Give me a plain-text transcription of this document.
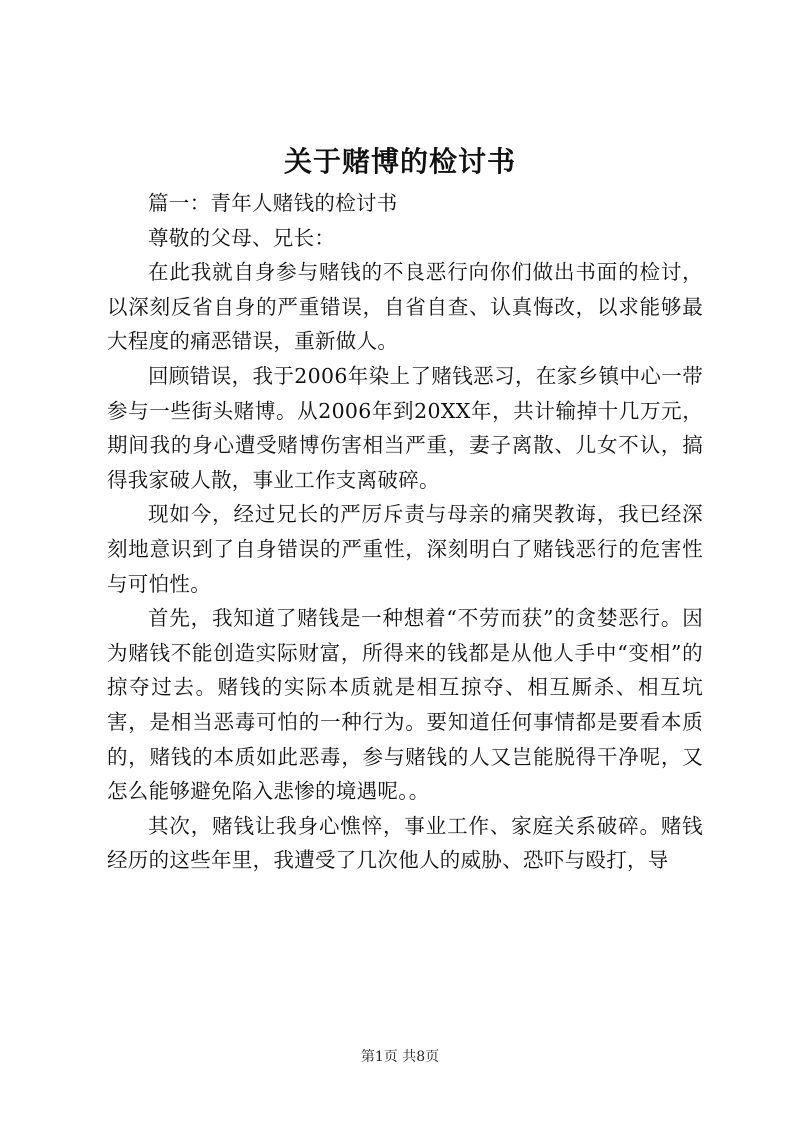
关于赌博的检讨书

篇一：青年人赌钱的检讨书

尊敬的父母、兄长：

在此我就自身参与赌钱的不良恶行向你们做出书面的检讨，以深刻反省自身的严重错误，自省自查、认真悔改，以求能够最大程度的痛恶错误，重新做人。

回顾错误，我于2006年染上了赌钱恶习，在家乡镇中心一带参与一些街头赌博。从2006年到20XX年，共计输掉十几万元，期间我的身心遭受赌博伤害相当严重，妻子离散、儿女不认，搞得我家破人散，事业工作支离破碎。

现如今，经过兄长的严厉斥责与母亲的痛哭教诲，我已经深刻地意识到了自身错误的严重性，深刻明白了赌钱恶行的危害性与可怕性。

首先，我知道了赌钱是一种想着“不劳而获”的贪婪恶行。因为赌钱不能创造实际财富，所得来的钱都是从他人手中“变相”的掠夺过去。赌钱的实际本质就是相互掠夺、相互厮杀、相互坑害，是相当恶毒可怕的一种行为。要知道任何事情都是要看本质的，赌钱的本质如此恶毒，参与赌钱的人又岂能脱得干净呢，又怎么能够避免陷入悲惨的境遇呢。。

其次，赌钱让我身心憔悴，事业工作、家庭关系破碎。赌钱经历的这些年里，我遭受了几次他人的威胁、恐吓与殴打，导

第1页 共8页
